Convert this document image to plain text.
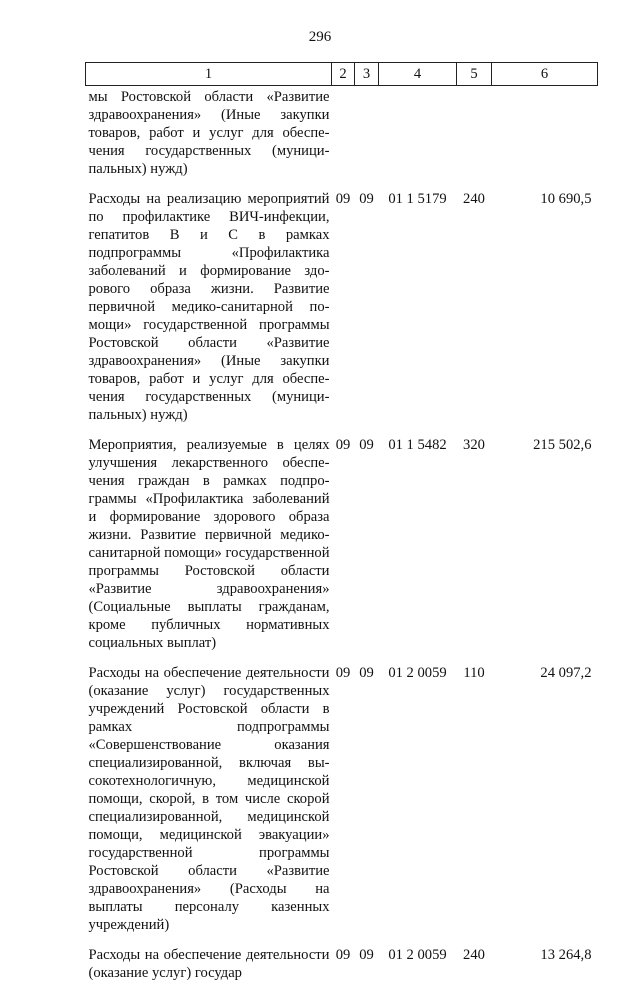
296
1	2	3	4	5	6
мы Ростовской области «Развитие здравоохранения» (Иные закупки товаров, работ и услуг для обеспечения государственных (муниципальных) нужд)					
Расходы на реализацию мероприятий по профилактике ВИЧ-инфекции, гепатитов B и C в рамках подпрограммы «Профилактика заболеваний и формирование здорового образа жизни. Развитие первичной медико-санитарной помощи» государственной программы Ростовской области «Развитие здравоохранения» (Иные закупки товаров, работ и услуг для обеспечения государственных (муниципальных) нужд)	09	09	01 1 5179	240	10 690,5
Мероприятия, реализуемые в целях улучшения лекарственного обеспечения граждан в рамках подпрограммы «Профилактика заболеваний и формирование здорового образа жизни. Развитие первичной медико-санитарной помощи» государственной программы Ростовской области «Развитие здравоохранения» (Социальные выплаты гражданам, кроме публичных нормативных социальных выплат)	09	09	01 1 5482	320	215 502,6
Расходы на обеспечение деятельности (оказание услуг) государственных учреждений Ростовской области в рамках подпрограммы «Совершенствование оказания специализированной, включая высокотехнологичную, медицинской помощи, скорой, в том числе скорой специализированной, медицинской помощи, медицинской эвакуации» государственной программы Ростовской области «Развитие здравоохранения» (Расходы на выплаты персоналу казенных учреждений)	09	09	01 2 0059	110	24 097,2
Расходы на обеспечение деятельности (оказание услуг) государ	09	09	01 2 0059	240	13 264,8
